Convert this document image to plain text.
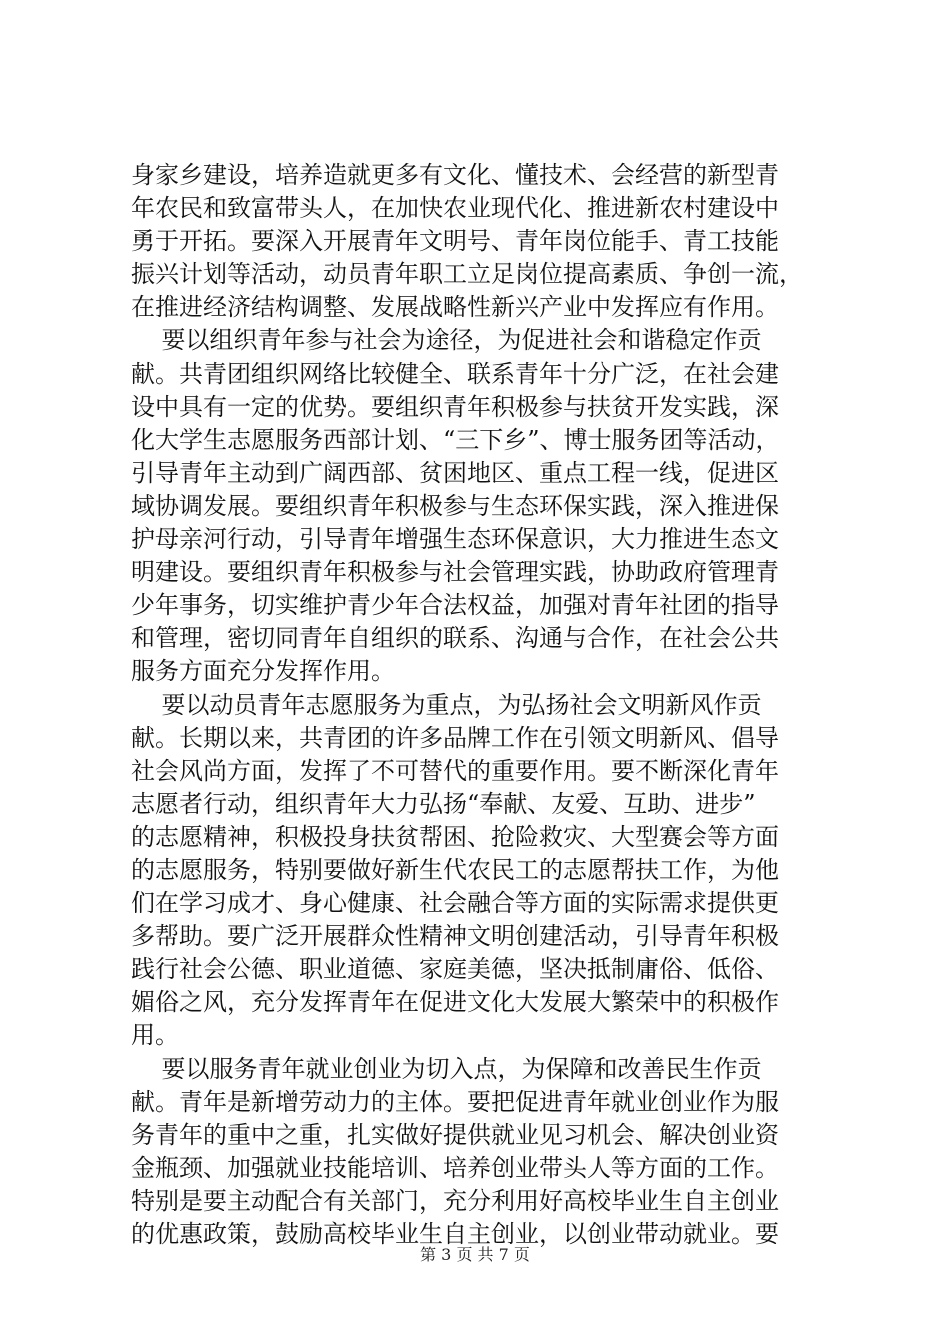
身家乡建设，培养造就更多有文化、懂技术、会经营的新型青
年农民和致富带头人，在加快农业现代化、推进新农村建设中
勇于开拓。要深入开展青年文明号、青年岗位能手、青工技能
振兴计划等活动，动员青年职工立足岗位提高素质、争创一流，
在推进经济结构调整、发展战略性新兴产业中发挥应有作用。
要以组织青年参与社会为途径，为促进社会和谐稳定作贡
献。共青团组织网络比较健全、联系青年十分广泛，在社会建
设中具有一定的优势。要组织青年积极参与扶贫开发实践，深
化大学生志愿服务西部计划、“三下乡”、博士服务团等活动，
引导青年主动到广阔西部、贫困地区、重点工程一线，促进区
域协调发展。要组织青年积极参与生态环保实践，深入推进保
护母亲河行动，引导青年增强生态环保意识，大力推进生态文
明建设。要组织青年积极参与社会管理实践，协助政府管理青
少年事务，切实维护青少年合法权益，加强对青年社团的指导
和管理，密切同青年自组织的联系、沟通与合作，在社会公共
服务方面充分发挥作用。
要以动员青年志愿服务为重点，为弘扬社会文明新风作贡
献。长期以来，共青团的许多品牌工作在引领文明新风、倡导
社会风尚方面，发挥了不可替代的重要作用。要不断深化青年
志愿者行动，组织青年大力弘扬“奉献、友爱、互助、进步”
的志愿精神，积极投身扶贫帮困、抢险救灾、大型赛会等方面
的志愿服务，特别要做好新生代农民工的志愿帮扶工作，为他
们在学习成才、身心健康、社会融合等方面的实际需求提供更
多帮助。要广泛开展群众性精神文明创建活动，引导青年积极
践行社会公德、职业道德、家庭美德，坚决抵制庸俗、低俗、
媚俗之风，充分发挥青年在促进文化大发展大繁荣中的积极作
用。
要以服务青年就业创业为切入点，为保障和改善民生作贡
献。青年是新增劳动力的主体。要把促进青年就业创业作为服
务青年的重中之重，扎实做好提供就业见习机会、解决创业资
金瓶颈、加强就业技能培训、培养创业带头人等方面的工作。
特别是要主动配合有关部门，充分利用好高校毕业生自主创业
的优惠政策，鼓励高校毕业生自主创业，以创业带动就业。要
第 3 页 共 7 页
